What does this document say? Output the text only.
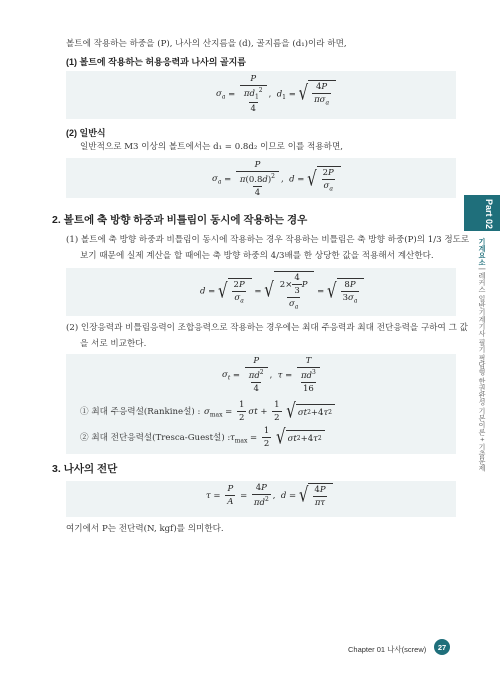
볼트에 작용하는 하중을 (P), 나사의 산지름을 (d), 골지름을 (d₁)이라 하면,
(1) 볼트에 작용하는 허용응력과 나사의 골지름
$\sigma_a = \frac{P}{\frac{\pi d_1^2}{4}}$ ,  $d_1$ = √ 4P
$\pi\sigma_a$
(2) 일반식
일반적으로 M3 이상의 볼트에서는 d₁ = 0.8d₂ 이므로 이를 적용하면,
$\sigma_a = \frac{P}{\frac{\pi(0.8d)^2}{4}}$ ,  d = √ 2P
$\sigma_a$
2. 볼트에 축 방향 하중과 비틀림이 동시에 작용하는 경우
(1) 볼트에 축 방향 하중과 비틀림이 동시에 작용하는 경우 작용하는 비틀림은 축 방향 하중(P)의 1/3 정도로
보기 때문에 실제 계산을 할 때에는 축 방향 하중의 4/3배를 한 상당한 값을 적용해서 계산한다.
d = √ 2P
$\sigma_a$
= √ $2\times \frac{4}{3}$ P
$\sigma_a$
= √ 8P
$3\sigma_a$
(2) 인장응력과 비틀림응력이 조합응력으로 작용하는 경우에는 최대 주응력과 최대 전단응력을 구하여 그 값
을 서로 비교한다.
$\sigma_t = \frac{P}{\frac{\pi d^2}{4}}$ ,  $\tau = \frac{T}{\frac{\pi d^3}{16}}$
① 최대 주응력설(Rankine설) : $\sigma_{max} = \frac{1}{2}$ $\sigma t + \frac{1}{2}$
√ σt 2 +4 τ 2
② 최대 전단응력설(Tresca-Guest설) : $\tau_{max} = \frac{1}{2}$
√ σt 2 +4 τ 2
3. 나사의 전단
$\tau = \frac{P}{A} = \frac{4P}{\pi d^2}$ ,  d = √ 4P
πτ
여기에서 P는 전단력(N, kgf)를 의미한다.
Part 02
기계요소 | 레커스 일반기계기사 필기 필답형 한권완성 기본이론 + 기출문제
Chapter 01 나사(screw)	27
